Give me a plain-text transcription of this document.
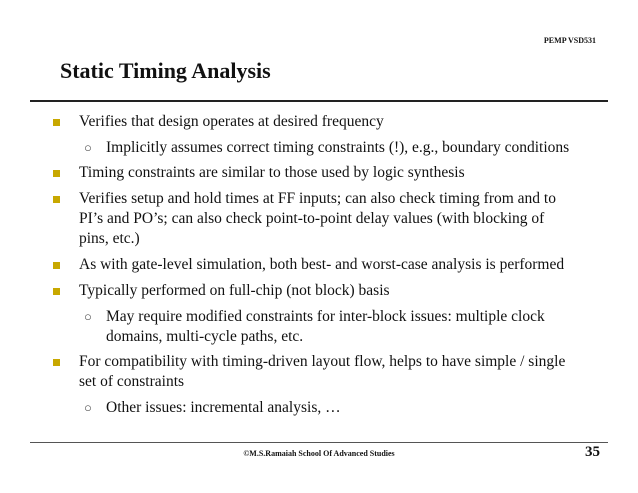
PEMP VSD531
Static Timing Analysis
Verifies that design operates at desired frequency
○ Implicitly assumes correct timing constraints (!), e.g., boundary conditions
Timing constraints are similar to those used by logic synthesis
Verifies setup and hold times at FF inputs; can also check timing from and to PI’s and PO’s; can also check point-to-point delay values (with blocking of pins, etc.)
As with gate-level simulation, both best- and worst-case analysis is performed
Typically performed on full-chip (not block) basis
○ May require modified constraints for inter-block issues: multiple clock domains, multi-cycle paths, etc.
For compatibility with timing-driven layout flow, helps to have simple / single set of constraints
○ Other issues: incremental analysis, …
©M.S.Ramaiah School Of Advanced Studies	35
